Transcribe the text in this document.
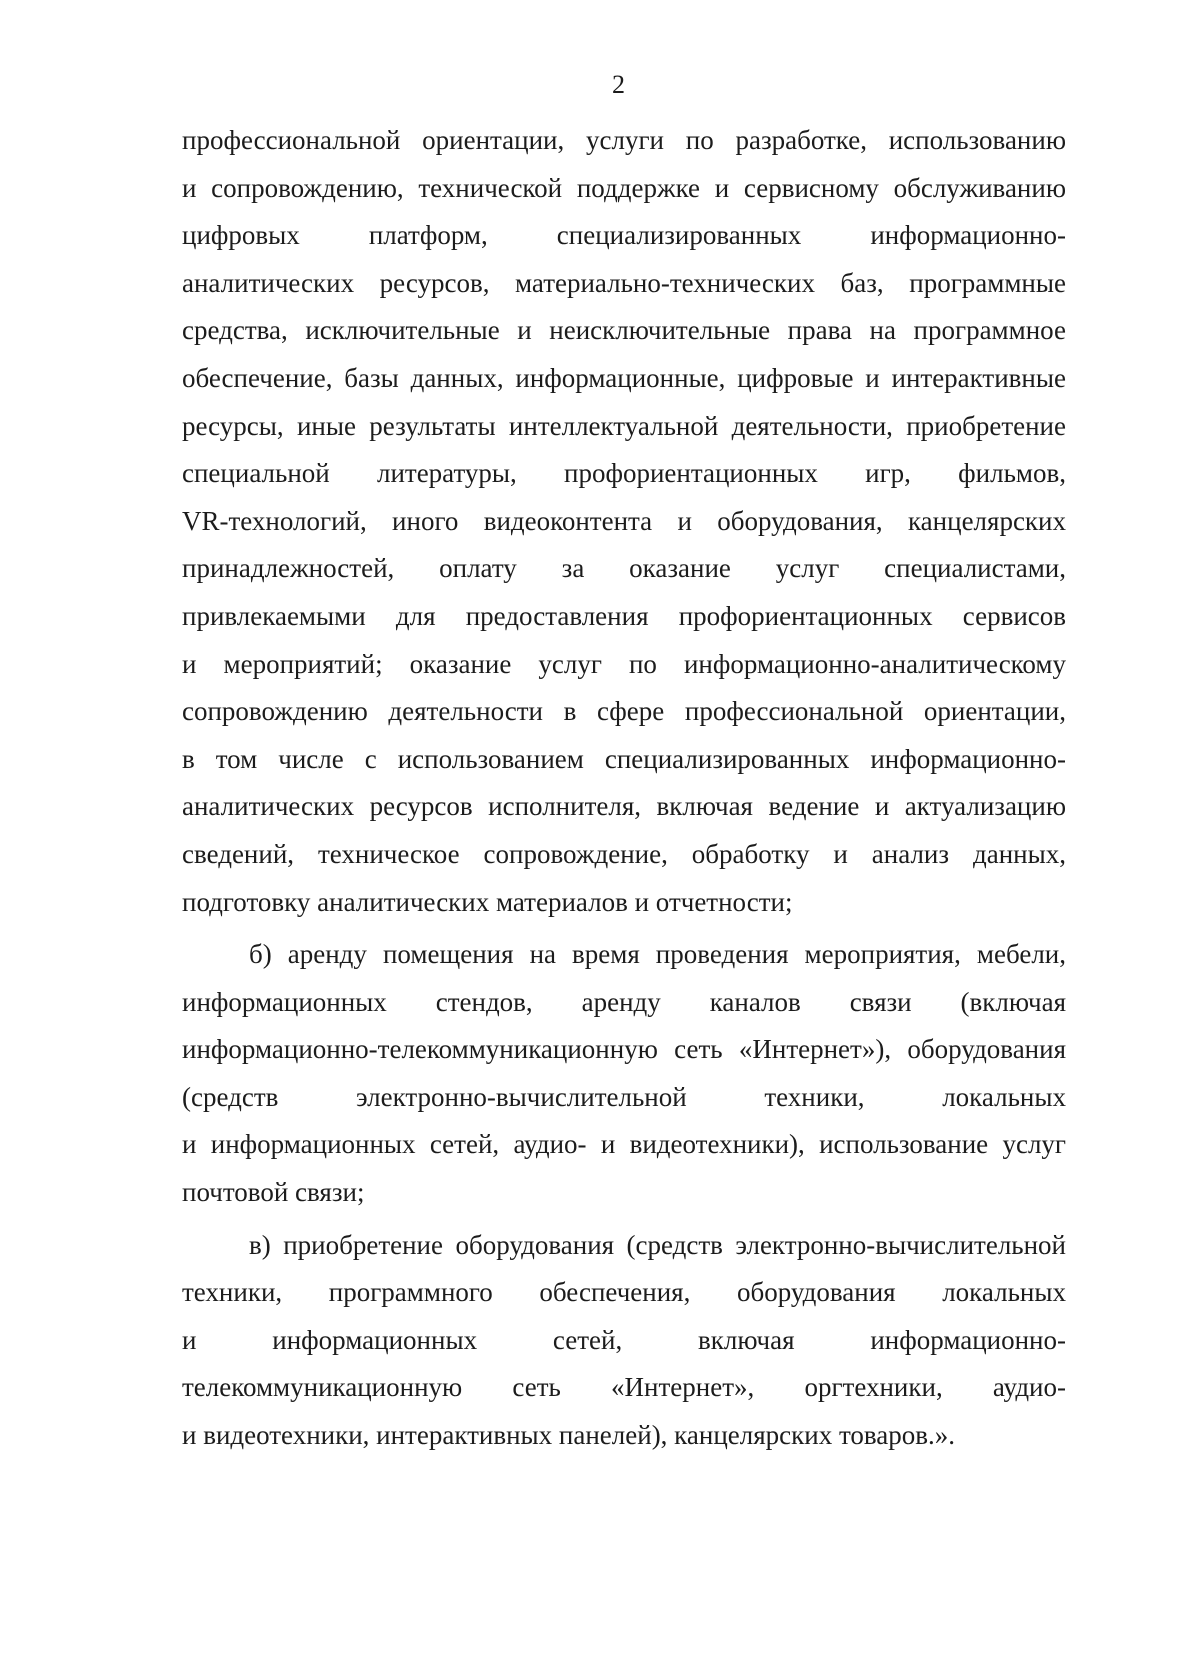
2

профессиональной ориентации, услуги по разработке, использованию
и сопровождению, технической поддержке и сервисному обслуживанию
цифровых платформ, специализированных информационно-
аналитических ресурсов, материально-технических баз, программные
средства, исключительные и неисключительные права на программное
обеспечение, базы данных, информационные, цифровые и интерактивные
ресурсы, иные результаты интеллектуальной деятельности, приобретение
специальной литературы, профориентационных игр, фильмов,
VR-технологий, иного видеоконтента и оборудования, канцелярских
принадлежностей, оплату за оказание услуг специалистами,
привлекаемыми для предоставления профориентационных сервисов
и мероприятий; оказание услуг по информационно-аналитическому
сопровождению деятельности в сфере профессиональной ориентации,
в том числе с использованием специализированных информационно-
аналитических ресурсов исполнителя, включая ведение и актуализацию
сведений, техническое сопровождение, обработку и анализ данных,
подготовку аналитических материалов и отчетности;

б) аренду помещения на время проведения мероприятия, мебели,
информационных стендов, аренду каналов связи (включая
информационно-телекоммуникационную сеть «Интернет»), оборудования
(средств электронно-вычислительной техники, локальных
и информационных сетей, аудио- и видеотехники), использование услуг
почтовой связи;

в) приобретение оборудования (средств электронно-вычислительной
техники, программного обеспечения, оборудования локальных
и информационных сетей, включая информационно-
телекоммуникационную сеть «Интернет», оргтехники, аудио-
и видеотехники, интерактивных панелей), канцелярских товаров.».
